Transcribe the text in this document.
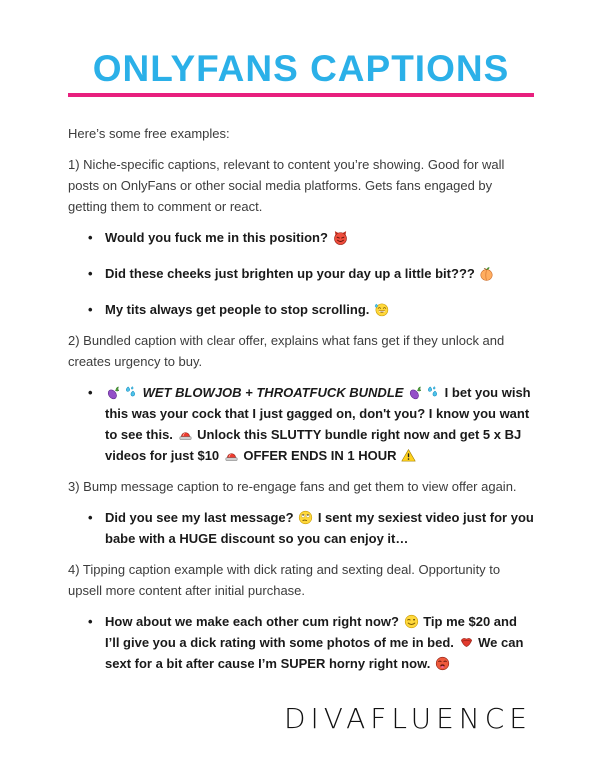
ONLYFANS CAPTIONS

Here’s some free examples:

1) Niche-specific captions, relevant to content you’re showing. Good for wall posts on OnlyFans or other social media platforms. Gets fans engaged by getting them to comment or react.

• Would you fuck me in this position?
• Did these cheeks just brighten up your day up a little bit???
• My tits always get people to stop scrolling.

2) Bundled caption with clear offer, explains what fans get if they unlock and creates urgency to buy.

• WET BLOWJOB + THROATFUCK BUNDLE	I bet you wish this was your cock that I just gagged on, don't you? I know you want to see this.
Unlock this SLUTTY bundle right now and get 5 x BJ videos for just $10
OFFER ENDS IN 1 HOUR

3) Bump message caption to re-engage fans and get them to view offer again.

• Did you see my last message?
I sent my sexiest video just for you babe with a HUGE discount so you can enjoy it…

4) Tipping caption example with dick rating and sexting deal. Opportunity to upsell more content after initial purchase.

• How about we make each other cum right now?
Tip me $20 and I’ll give you a dick rating with some photos of me in bed.
We can sext for a bit after cause I’m SUPER horny right now.
DIVAFLUENCE
